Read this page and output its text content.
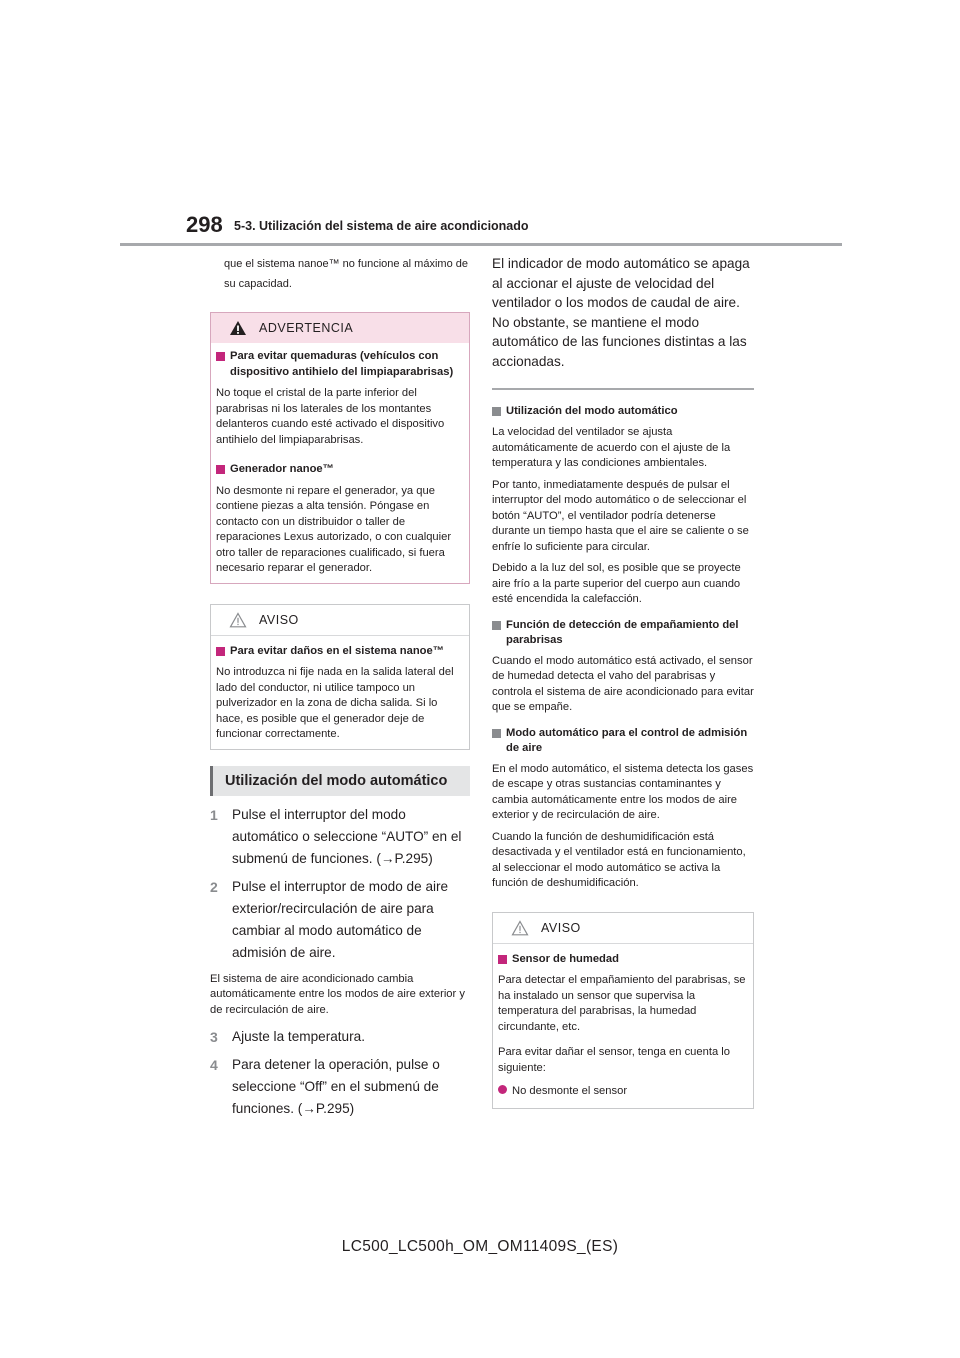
298 5-3. Utilización del sistema de aire acondicionado

que el sistema nanoe™ no funcione al máximo de su capacidad.

ADVERTENCIA

Para evitar quemaduras (vehículos con dispositivo antihielo del limpiaparabrisas)

No toque el cristal de la parte inferior del parabrisas ni los laterales de los montantes delanteros cuando esté activado el dispositivo antihielo del limpiaparabrisas.

Generador nanoe™

No desmonte ni repare el generador, ya que contiene piezas a alta tensión. Póngase en contacto con un distribuidor o taller de reparaciones Lexus autorizado, o con cualquier otro taller de reparaciones cualificado, si fuera necesario reparar el generador.

AVISO

Para evitar daños en el sistema nanoe™

No introduzca ni fije nada en la salida lateral del lado del conductor, ni utilice tampoco un pulverizador en la zona de dicha salida. Si lo hace, es posible que el generador deje de funcionar correctamente.

Utilización del modo automático
1	Pulse el interruptor del modo automático o seleccione “AUTO” en el submenú de funciones. (→P.295)
2	Pulse el interruptor de modo de aire exterior/recirculación de aire para cambiar al modo automático de admisión de aire.

El sistema de aire acondicionado cambia automáticamente entre los modos de aire exterior y de recirculación de aire.

3	Ajuste la temperatura.
4	Para detener la operación, pulse o seleccione “Off” en el submenú de funciones. (→P.295)

El indicador de modo automático se apaga al accionar el ajuste de velocidad del ventilador o los modos de caudal de aire. No obstante, se mantiene el modo automático de las funciones distintas a las accionadas.

Utilización del modo automático

La velocidad del ventilador se ajusta automáticamente de acuerdo con el ajuste de la temperatura y las condiciones ambientales.

Por tanto, inmediatamente después de pulsar el interruptor del modo automático o de seleccionar el botón “AUTO”, el ventilador podría detenerse durante un tiempo hasta que el aire se caliente o se enfríe lo suficiente para circular.

Debido a la luz del sol, es posible que se proyecte aire frío a la parte superior del cuerpo aun cuando esté encendida la calefacción.

Función de detección de empañamiento del parabrisas

Cuando el modo automático está activado, el sensor de humedad detecta el vaho del parabrisas y controla el sistema de aire acondicionado para evitar que se empañe.

Modo automático para el control de admisión de aire

En el modo automático, el sistema detecta los gases de escape y otras sustancias contaminantes y cambia automáticamente entre los modos de aire exterior y de recirculación de aire.

Cuando la función de deshumidificación está desactivada y el ventilador está en funcionamiento, al seleccionar el modo automático se activa la función de deshumidificación.

AVISO

Sensor de humedad

Para detectar el empañamiento del parabrisas, se ha instalado un sensor que supervisa la temperatura del parabrisas, la humedad circundante, etc.

Para evitar dañar el sensor, tenga en cuenta lo siguiente:

No desmonte el sensor

LC500_LC500h_OM_OM11409S_(ES)
